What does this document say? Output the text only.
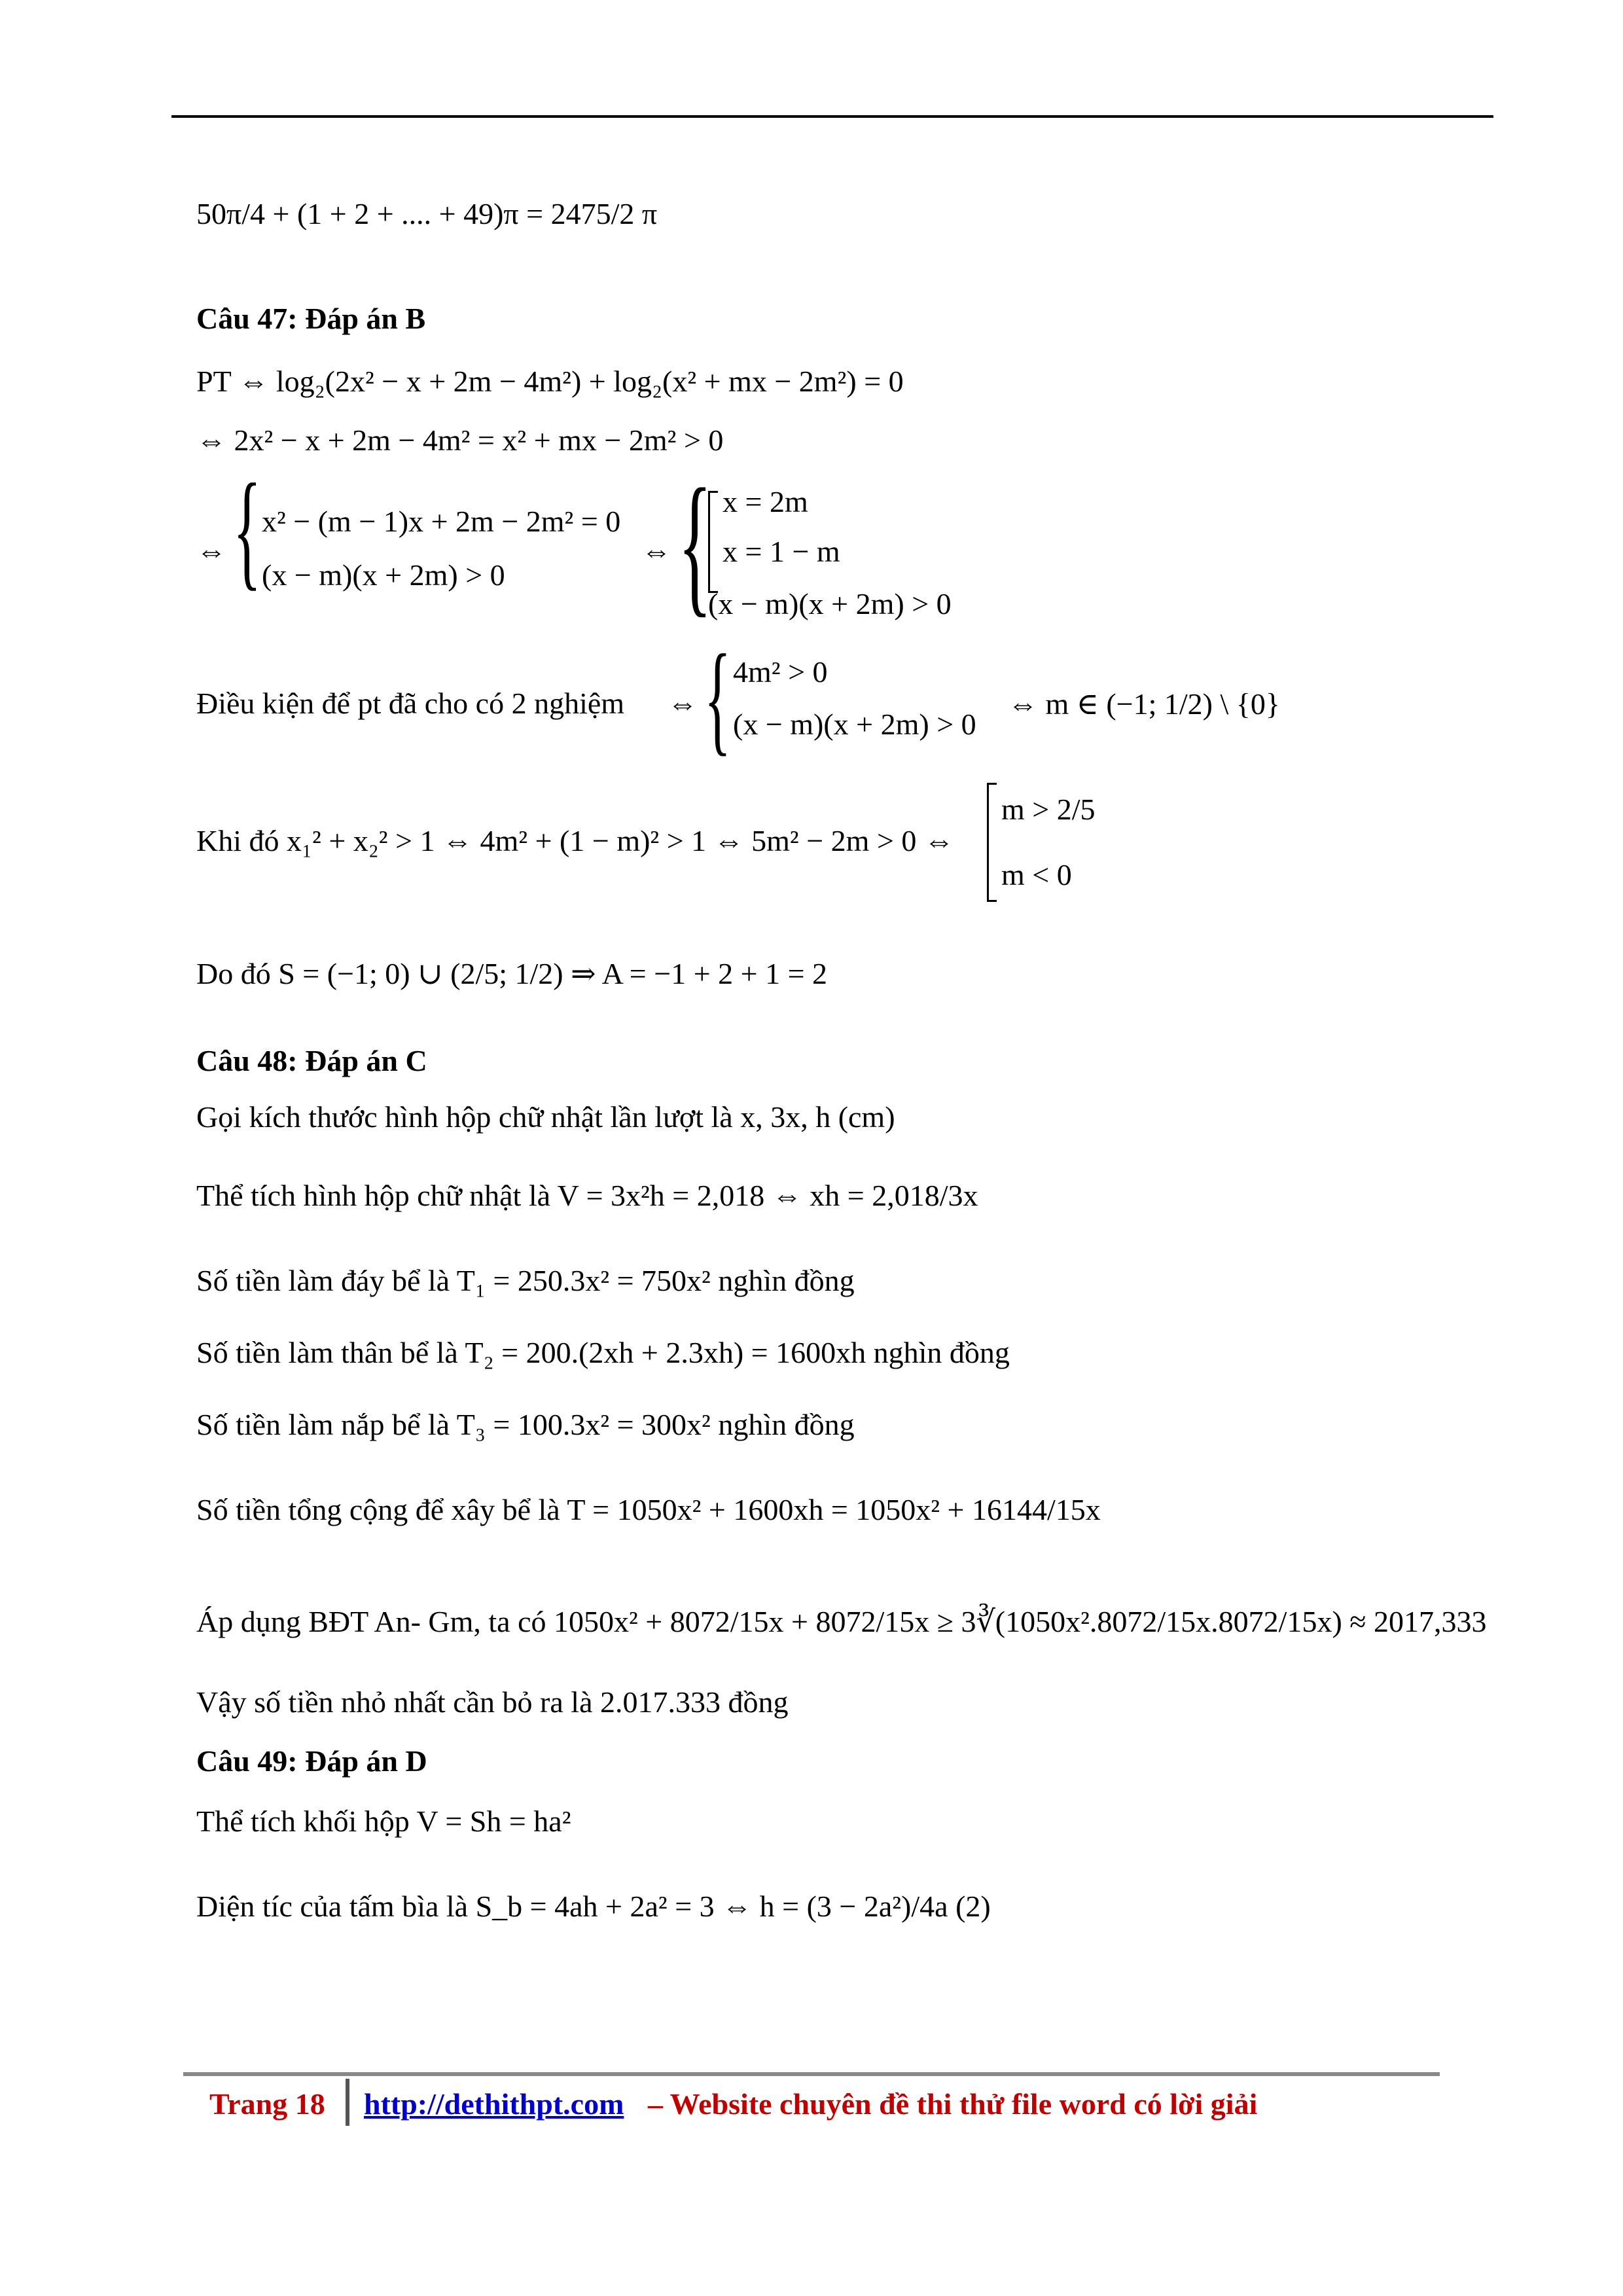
50π/4 + (1 + 2 + .... + 49)π = 2475/2 π
Câu 47: Đáp án B
PT ⇔ log₂(2x² − x + 2m − 4m²) + log₂(x² + mx − 2m²) = 0
⇔ 2x² − x + 2m − 4m² = x² + mx − 2m² > 0
⇔ { x² − (m − 1)x + 2m − 2m² = 0
(x − m)(x + 2m) > 0
⇔ { x = 2m
x = 1 − m
(x − m)(x + 2m) > 0
Điều kiện để pt đã cho có 2 nghiệm ⇔ { 4m² > 0
(x − m)(x + 2m) > 0
⇔ m ∈ (−1; 1/2) \ {0}
Khi đó x₁² + x₂² > 1 ⇔ 4m² + (1 − m)² > 1 ⇔ 5m² − 2m > 0 ⇔
m > 2/5
m < 0
Do đó S = (−1; 0) ∪ (2/5; 1/2) ⇒ A = −1 + 2 + 1 = 2
Câu 48: Đáp án C
Gọi kích thước hình hộp chữ nhật lần lượt là x, 3x, h (cm)
Thể tích hình hộp chữ nhật là V = 3x²h = 2,018 ⇔ xh = 2,018/3x
Số tiền làm đáy bể là T₁ = 250.3x² = 750x² nghìn đồng
Số tiền làm thân bể là T₂ = 200.(2xh + 2.3xh) = 1600xh nghìn đồng
Số tiền làm nắp bể là T₃ = 100.3x² = 300x² nghìn đồng
Số tiền tổng cộng để xây bể là T = 1050x² + 1600xh = 1050x² + 16144/15x
Áp dụng BĐT An- Gm, ta có 1050x² + 8072/15x + 8072/15x ≥ 3∛(1050x².8072/15x.8072/15x) ≈ 2017,333
Vậy số tiền nhỏ nhất cần bỏ ra là 2.017.333 đồng
Câu 49: Đáp án D
Thể tích khối hộp V = Sh = ha²
Diện tíc của tấm bìa là S_b = 4ah + 2a² = 3 ⇔ h = (3 − 2a²)/4a (2)
Trang 18 http://dethithpt.com – Website chuyên đề thi thử file word có lời giải
